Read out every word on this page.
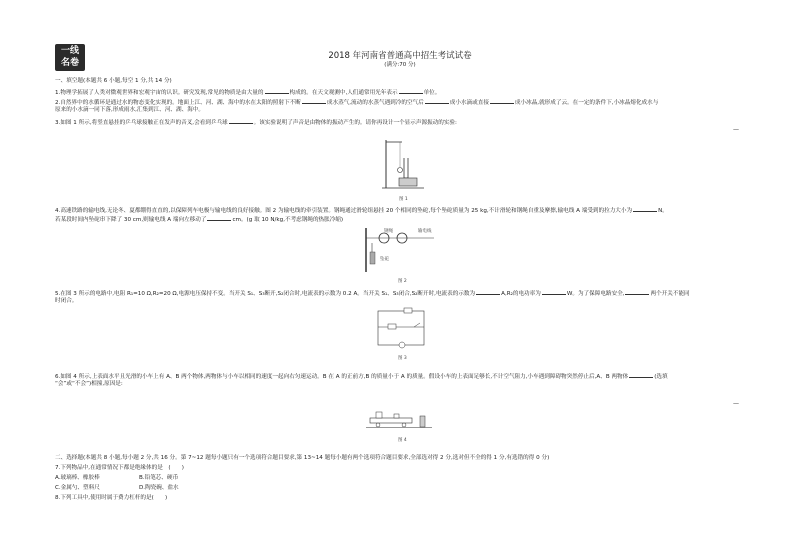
一线
名卷
2018 年河南省普通高中招生考试试卷
(满分:70 分)
一、填空题(本题共 6 小题,每空 1 分,共 14 分)
1.物理学拓展了人类对微观世界和宏观宇宙的认识。研究发现,常见的物质是由大量的	构成的。在天文观测中,人们通常用光年表示	单位。
2.自然界中的水循环是通过水的物态变化实现的。地面上江、河、湖、海中的水在太阳的照射下不断	成水蒸气,流动的水蒸气遇到冷的空气后	成小水滴或直接	成小冰晶,就形成了云。在一定的条件下,小冰晶熔化成水与
原来的小水滴一同下落,形成雨水,汇集到江、河、湖、海中。
3.如图 1 所示,将竖直悬挂的乒乓球接触正在发声的音叉,会看到乒乓球	。该实验说明了声音是由物体的振动产生的。请你再设计一个显示声源振动的实验:
—
图 1
4.高速铁路的输电线,无论冬、夏都绷得直直的,以保障列车电极与输电线的良好接触。图 2 为输电线的牵引装置。钢绳通过滑轮组悬挂 20 个相同的坠砣,每个坠砣质量为 25 kg,不计滑轮和钢绳自重及摩擦,输电线 A 端受到的拉力大小为	N。
若某段时间内坠砣串下降了 30 cm,则输电线 A 端向左移动了	cm。(g 取 10 N/kg,不考虑钢绳的热胀冷缩)
钢绳	输电线
坠砣
图 2
5.在图 3 所示的电路中,电阻 R₁=10 Ω,R₂=20 Ω,电源电压保持不变。当开关 S₁、S₃断开,S₂闭合时,电流表的示数为 0.2 A。当开关 S₁、S₃闭合,S₂断开时,电流表的示数为	A,R₂的电功率为	W。为了保障电路安全,	两个开关不能同
时闭合。
图 3
6.如图 4 所示,上表面水平且光滑的小车上有 A、B 两个物体,两物体与小车以相同的速度一起向右匀速运动。B 在 A 的正前方,B 的质量小于 A 的质量。假设小车的上表面足够长,不计空气阻力,小车遇到障碍物突然停止后,A、B 两物体	(选填
“会”或“不会”)相撞,原因是:
—
图 4
二、选择题(本题共 8 小题,每小题 2 分,共 16 分。第 7~12 题每小题只有一个选项符合题目要求,第 13~14 题每小题有两个选项符合题目要求,全部选对得 2 分,选对但不全的得 1 分,有选错的得 0 分)
7.下列物品中,在通常情况下都是绝缘体的是　(　　)
A.玻璃棒、橡胶棒	B.铅笔芯、硬币
C.金属勺、塑料尺	D.陶瓷碗、盐水
8.下列工具中,使用时属于费力杠杆的是(　　)
